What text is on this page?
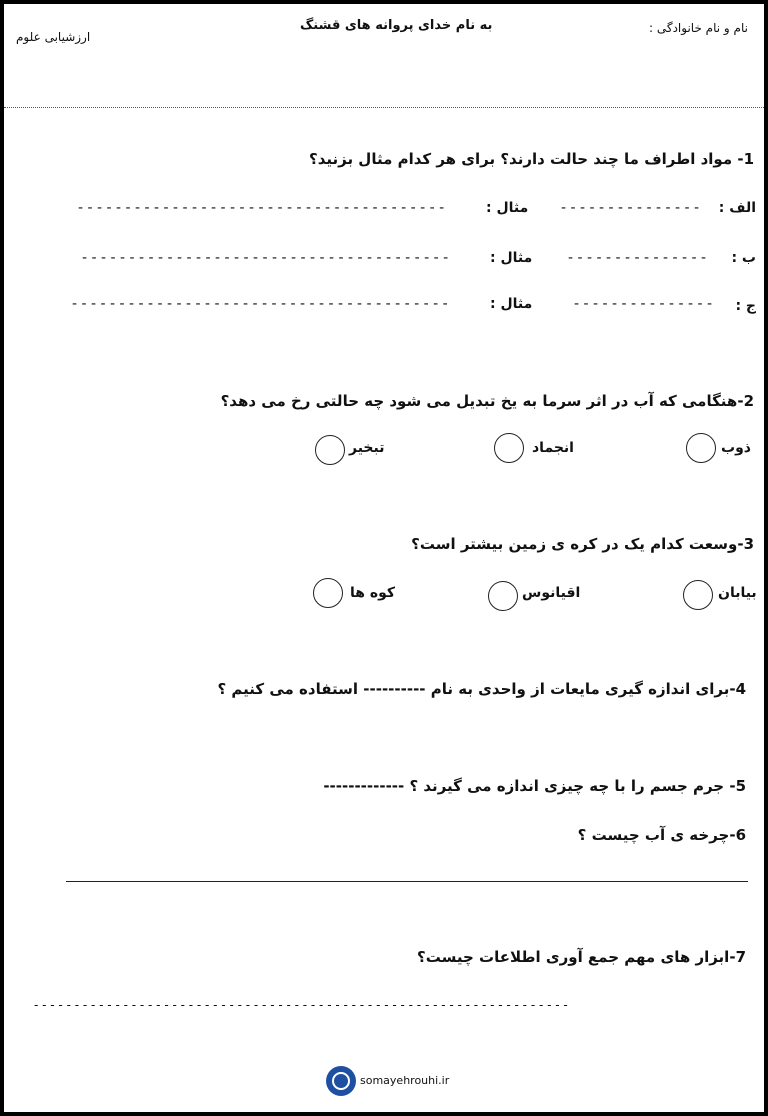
به نام خدای پروانه های قشنگ	نام و نام خانوادگی :
ارزشیابی علوم
1- مواد اطراف ما چند حالت دارند؟ برای هر کدام مثال بزنید؟
الف :
- - - - - - - - - - - - - - -
مثال :
- - - - - - - - - - - - - - - - - - - - - - - - - - - - - - - - - - - - - - -
ب :
- - - - - - - - - - - - - - -
مثال :
- - - - - - - - - - - - - - - - - - - - - - - - - - - - - - - - - - - - - - -
ج :
- - - - - - - - - - - - - - -
مثال :
- - - - - - - - - - - - - - - - - - - - - - - - - - - - - - - - - - - - - - - -
2-هنگامی که آب در اثر سرما به یخ تبدیل می شود چه حالتی رخ می دهد؟
ذوب
انجماد
تبخیر
3-وسعت کدام یک در کره ی زمین بیشتر است؟
بیابان
اقیانوس
کوه ها
4-برای اندازه گیری مایعات از واحدی به نام ---------- استفاده می کنیم ؟
5- جرم جسم را با چه چیزی اندازه می گیرند ؟ -------------
6-چرخه ی آب چیست ؟
7-ابزار های مهم جمع آوری اطلاعات چیست؟
- - - - - - - - - - - - - - - - - - - - - - - - - - - - - - - - - - - - - - - - - - - - - - - - - - - - - - - - - - - - - - - - - -
somayehrouhi.ir
